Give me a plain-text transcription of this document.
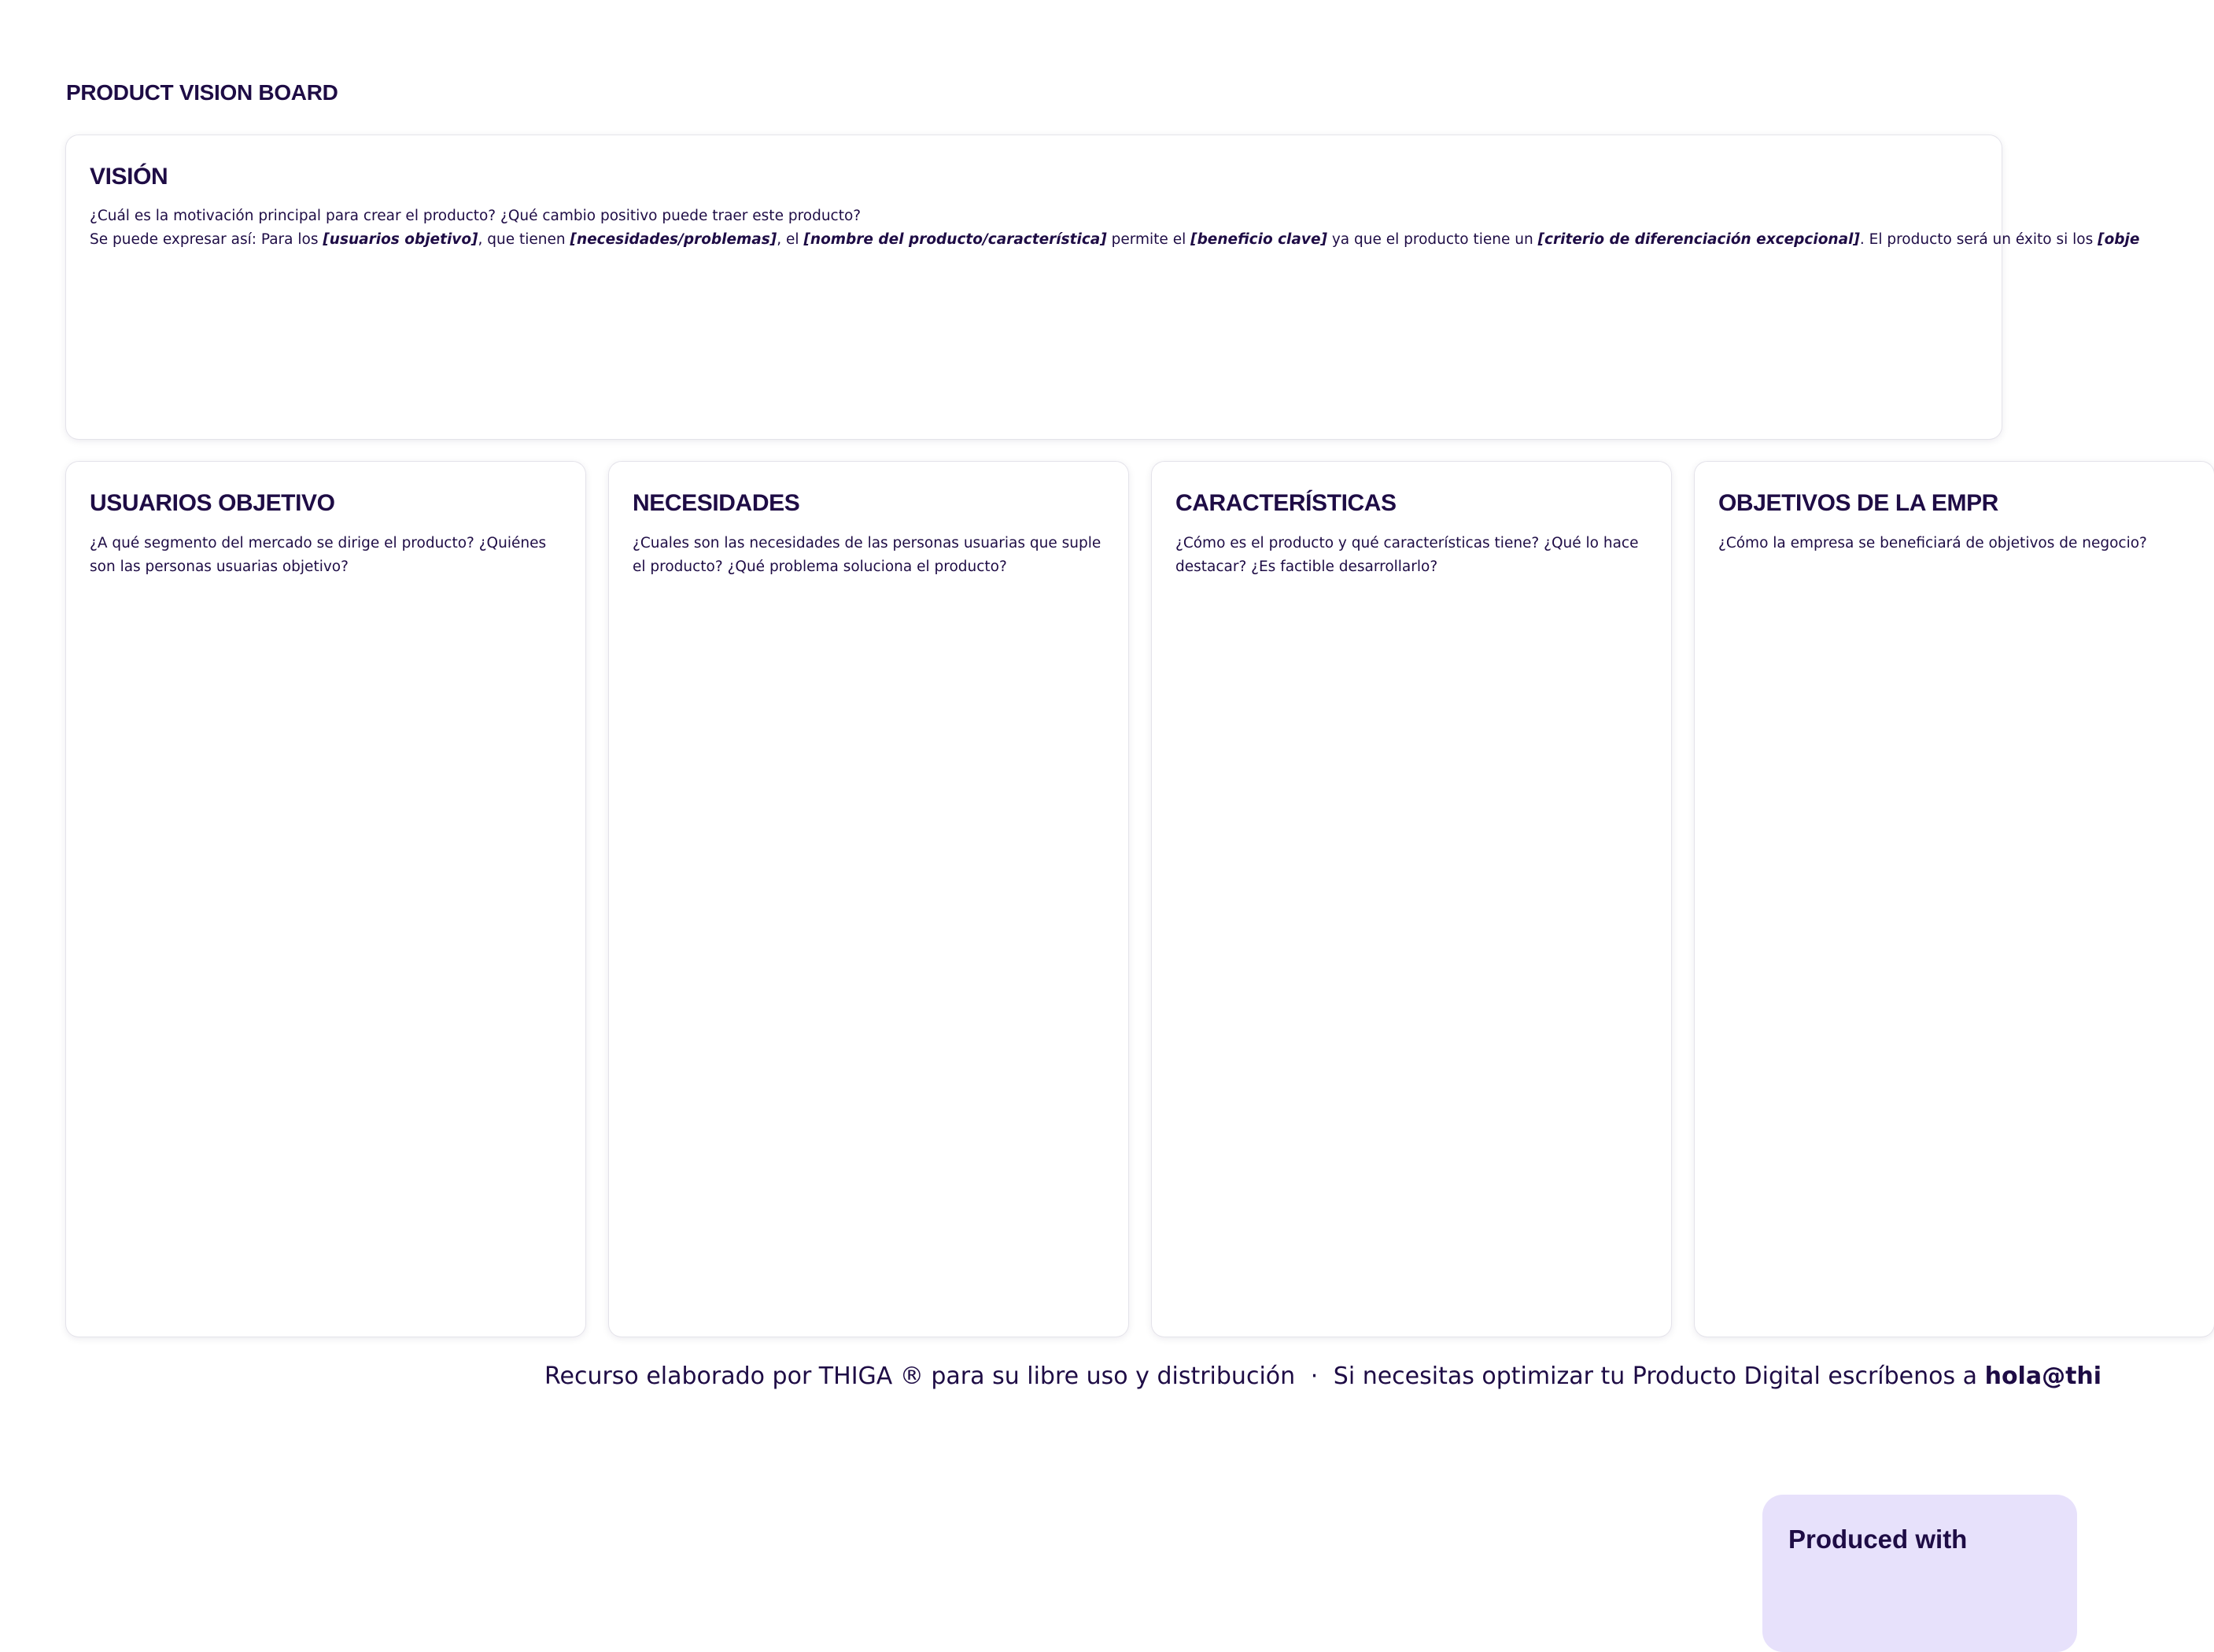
PRODUCT VISION BOARD
VISIÓN
¿Cuál es la motivación principal para crear el producto? ¿Qué cambio positivo puede traer este producto?
Se puede expresar así: Para los [usuarios objetivo], que tienen [necesidades/problemas], el [nombre del producto/característica] permite el [beneficio clave] ya que el producto tiene un [criterio de diferenciación excepcional]. El producto será un éxito si los [obje
USUARIOS OBJETIVO
¿A qué segmento del mercado se dirige el producto? ¿Quiénes son las personas usuarias objetivo?
NECESIDADES
¿Cuales son las necesidades de las personas usuarias que suple el producto? ¿Qué problema soluciona el producto?
CARACTERÍSTICAS
¿Cómo es el producto y qué características tiene? ¿Qué lo hace destacar? ¿Es factible desarrollarlo?
OBJETIVOS DE LA EMPR
¿Cómo la empresa se beneficiará de objetivos de negocio?
Recurso elaborado por THIGA ® para su libre uso y distribución · Si necesitas optimizar tu Producto Digital escríbenos a hola@thi
Produced with
